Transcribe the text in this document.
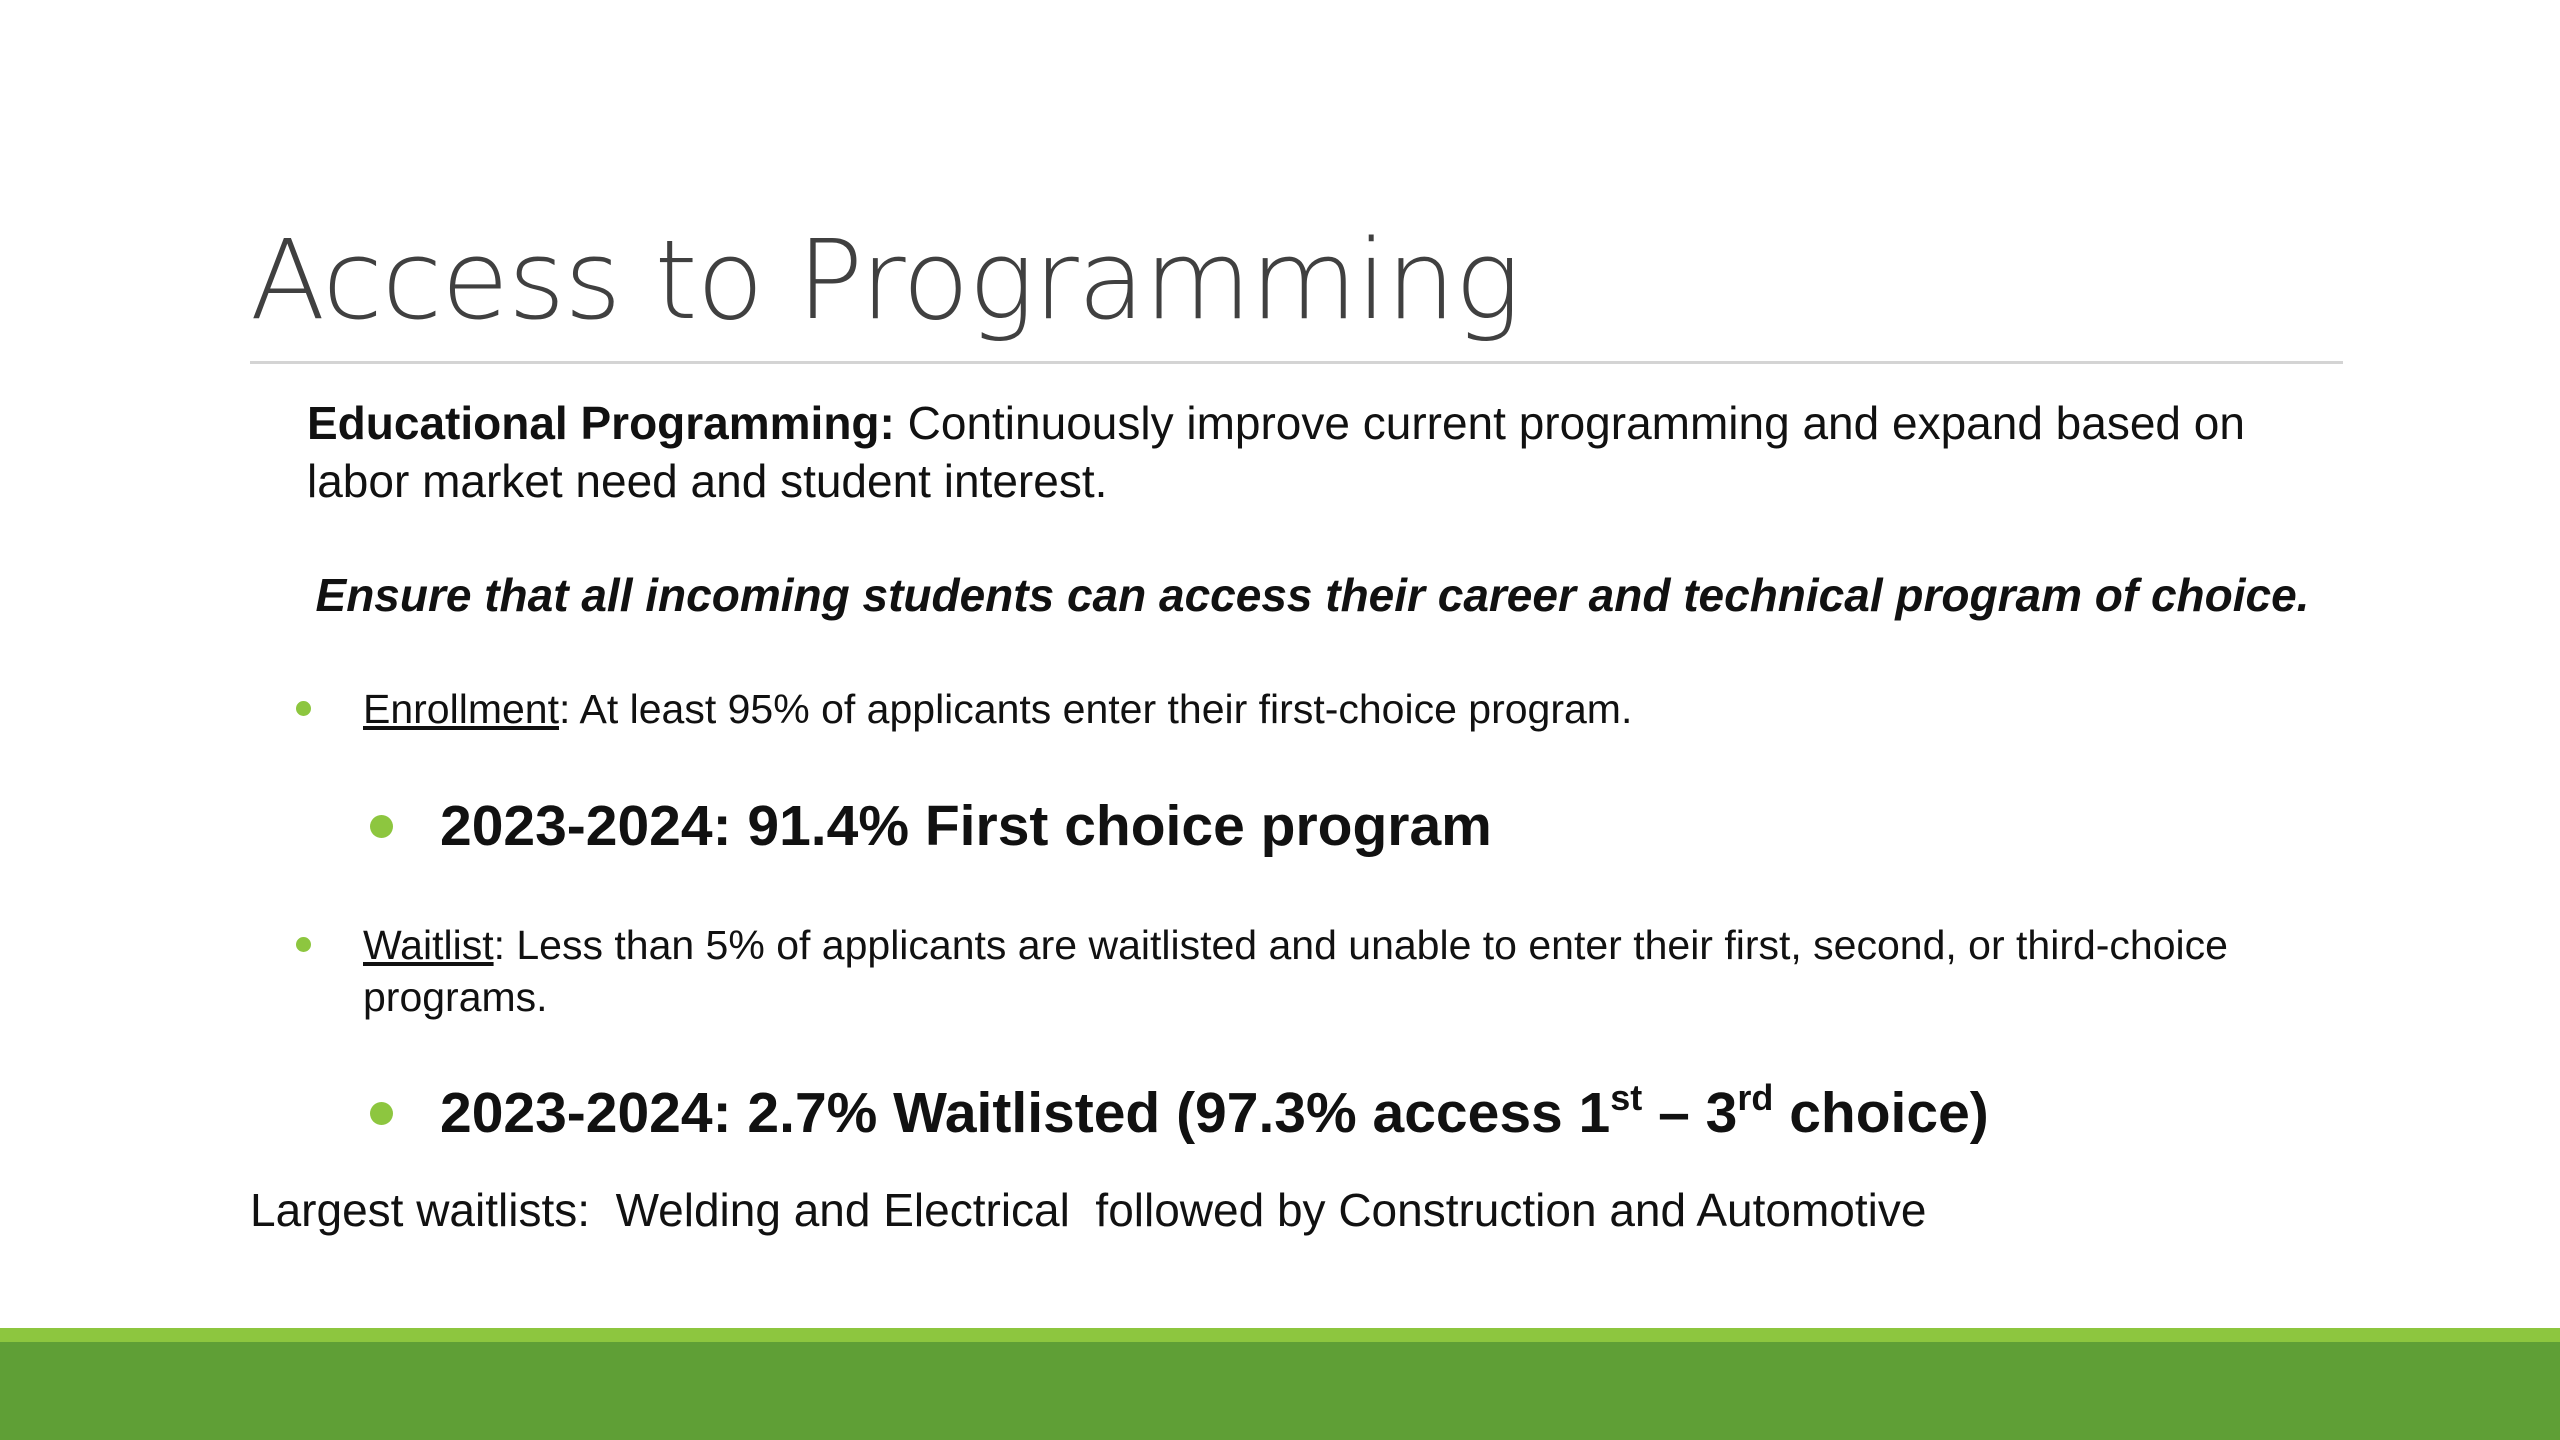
Access to Programming

Educational Programming: Continuously improve current programming and expand based on labor market need and student interest.

Ensure that all incoming students can access their career and technical program of choice.

Enrollment: At least 95% of applicants enter their first-choice program.
2023-2024: 91.4% First choice program
Waitlist: Less than 5% of applicants are waitlisted and unable to enter their first, second, or third-choice programs.
2023-2024: 2.7% Waitlisted (97.3% access 1st – 3rd choice)

Largest waitlists:  Welding and Electrical  followed by Construction and Automotive
